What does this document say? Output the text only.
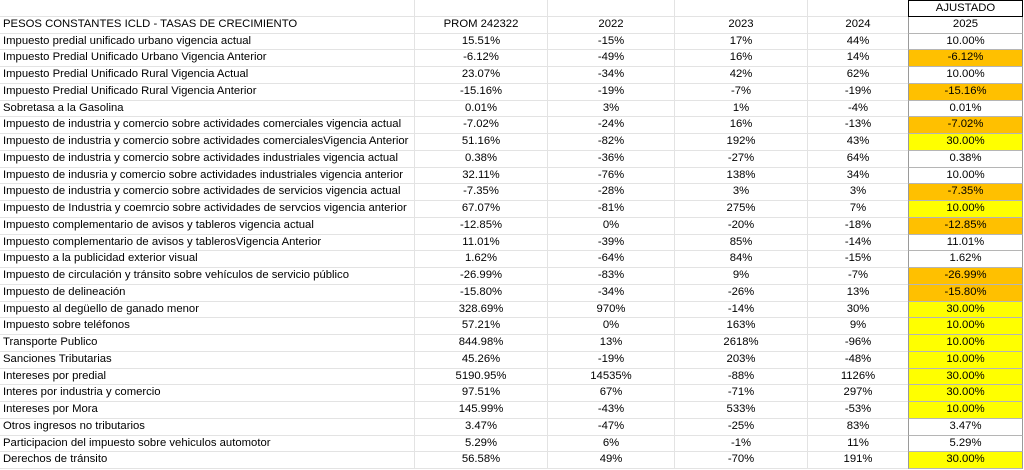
AJUSTADO
PESOS CONSTANTES ICLD - TASAS DE CRECIMIENTO	PROM 242322	2022	2023	2024	2025
Impuesto predial unificado urbano vigencia actual	15.51%	-15%	17%	44%	10.00%
Impuesto Predial Unificado Urbano Vigencia Anterior	-6.12%	-49%	16%	14%	-6.12%
Impuesto Predial Unificado Rural Vigencia Actual	23.07%	-34%	42%	62%	10.00%
Impuesto Predial Unificado Rural Vigencia Anterior	-15.16%	-19%	-7%	-19%	-15.16%
Sobretasa a la Gasolina	0.01%	3%	1%	-4%	0.01%
Impuesto de industria y comercio sobre actividades comerciales vigencia actual	-7.02%	-24%	16%	-13%	-7.02%
Impuesto de industria y comercio sobre actividades comercialesVigencia Anterior	51.16%	-82%	192%	43%	30.00%
Impuesto de industria y comercio sobre actividades industriales vigencia actual	0.38%	-36%	-27%	64%	0.38%
Impuesto de indusria y comercio sobre actividades industriales vigencia anterior	32.11%	-76%	138%	34%	10.00%
Impuesto de industria y comercio sobre actividades de servicios vigencia actual	-7.35%	-28%	3%	3%	-7.35%
Impuesto de Industria y coemrcio sobre actividades de servcios vigencia anterior	67.07%	-81%	275%	7%	10.00%
Impuesto complementario de avisos y tableros vigencia actual	-12.85%	0%	-20%	-18%	-12.85%
Impuesto complementario de avisos y tablerosVigencia Anterior	11.01%	-39%	85%	-14%	11.01%
Impuesto a la publicidad exterior visual	1.62%	-64%	84%	-15%	1.62%
Impuesto de circulación y tránsito sobre vehículos de servicio público	-26.99%	-83%	9%	-7%	-26.99%
Impuesto de delineación	-15.80%	-34%	-26%	13%	-15.80%
Impuesto al degüello de ganado menor	328.69%	970%	-14%	30%	30.00%
Impuesto sobre teléfonos	57.21%	0%	163%	9%	10.00%
Transporte Publico	844.98%	13%	2618%	-96%	10.00%
Sanciones Tributarias	45.26%	-19%	203%	-48%	10.00%
Intereses por predial	5190.95%	14535%	-88%	1126%	30.00%
Interes por industria y comercio	97.51%	67%	-71%	297%	30.00%
Intereses por Mora	145.99%	-43%	533%	-53%	10.00%
Otros ingresos no tributarios	3.47%	-47%	-25%	83%	3.47%
Participacion del impuesto sobre vehiculos automotor	5.29%	6%	-1%	11%	5.29%
Derechos de tránsito	56.58%	49%	-70%	191%	30.00%
